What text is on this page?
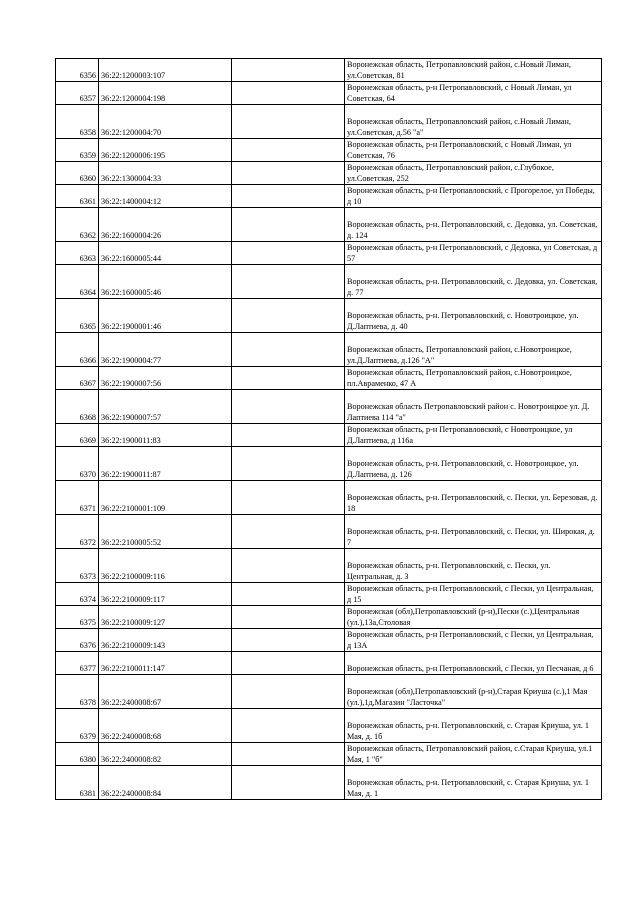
6356	36:22:1200003:107		Воронежская область, Петропавловский район, с.Новый Лиман, ул.Советская, 81
6357	36:22:1200004:198		Воронежская область, р-н Петропавловский, с Новый Лиман, ул Советская, 64
6358	36:22:1200004:70		Воронежская область, Петропавловский район, с.Новый Лиман, ул.Советская, д.56 "а"
6359	36:22:1200006:195		Воронежская область, р-н Петропавловский, с Новый Лиман, ул Советская, 76
6360	36:22:1300004:33		Воронежская область, Петропавловский район, с.Глубокое, ул.Советская, 252
6361	36:22:1400004:12		Воронежская область, р-н Петропавловский, с Прогорелое, ул Победы, д 10
6362	36:22:1600004:26		Воронежская область, р-н. Петропавловский, с. Дедовка, ул. Советская, д. 124
6363	36:22:1600005:44		Воронежская область, р-н Петропавловский, с Дедовка, ул Советская, д 57
6364	36:22:1600005:46		Воронежская область, р-н. Петропавловский, с. Дедовка, ул. Советская, д. 77
6365	36:22:1900001:46		Воронежская область, р-н. Петропавловский, с. Новотроицкое, ул. Д.Лаптиева, д. 40
6366	36:22:1900004:77		Воронежская область, Петропавловский район, с.Новотроицкое, ул.Д.Лаптиева, д.126 "А"
6367	36:22:1900007:56		Воронежская область, Петропавловский район, с.Новотроицкое, пл.Авраменко, 47 А
6368	36:22:1900007:57		Воронежская область Петропавловский район с. Новотроицкое ул. Д. Лаптиева 114 "а"
6369	36:22:1900011:83		Воронежская область, р-н Петропавловский, с Новотроицкое, ул Д.Лаптиева, д 116а
6370	36:22:1900011:87		Воронежская область, р-н. Петропавловский, с. Новотроицкое, ул. Д.Лаптиева, д. 126
6371	36:22:2100001:109		Воронежская область, р-н. Петропавловский, с. Пески, ул. Березовая, д. 18
6372	36:22:2100005:52		Воронежская область, р-н. Петропавловский, с. Пески, ул. Широкая, д. 7
6373	36:22:2100009:116		Воронежская область, р-н. Петропавловский, с. Пески, ул. Центральная, д. 3
6374	36:22:2100009:117		Воронежская область, р-н Петропавловский, с Пески, ул Центральная, д 15
6375	36:22:2100009:127		Воронежская (обл),Петропавловский (р-н),Пески (с.),Центральная (ул.),13а,Столовая
6376	36:22:2100009:143		Воронежская область, р-н Петропавловский, с Пески, ул Центральная, д 13А
6377	36:22:2100011:147		Воронежская область, р-н Петропавловский, с Пески, ул Песчаная, д 6
6378	36:22:2400008:67		Воронежская (обл),Петропавловский (р-н),Старая Криуша (с.),1 Мая (ул.),1д,Магазин "Ласточка"
6379	36:22:2400008:68		Воронежская область, р-н. Петропавловский, с. Старая Криуша, ул. 1 Мая, д. 1б
6380	36:22:2400008:82		Воронежская область, Петропавловский район, с.Старая Криуша, ул.1 Мая, 1 "б"
6381	36:22:2400008:84		Воронежская область, р-н. Петропавловский, с. Старая Криуша, ул. 1 Мая, д. 1
